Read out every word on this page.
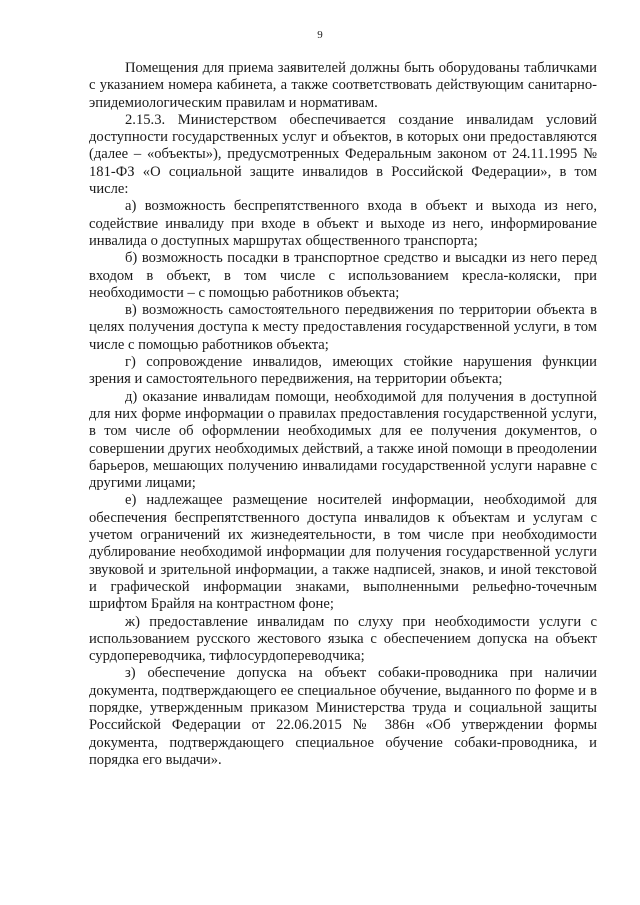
9

Помещения для приема заявителей должны быть оборудованы табличками с указанием номера кабинета, а также соответствовать действующим санитарно-эпидемиологическим правилам и нормативам.

2.15.3. Министерством обеспечивается создание инвалидам условий доступности государственных услуг и объектов, в которых они предоставляются (далее – «объекты»), предусмотренных Федеральным законом от 24.11.1995 № 181-ФЗ «О социальной защите инвалидов в Российской Федерации», в том числе:

а) возможность беспрепятственного входа в объект и выхода из него, содействие инвалиду при входе в объект и выходе из него, информирование инвалида о доступных маршрутах общественного транспорта;

б) возможность посадки в транспортное средство и высадки из него перед входом в объект, в том числе с использованием кресла-коляски, при необходимости – с помощью работников объекта;

в) возможность самостоятельного передвижения по территории объекта в целях получения доступа к месту предоставления государственной услуги, в том числе с помощью работников объекта;

г) сопровождение инвалидов, имеющих стойкие нарушения функции зрения и самостоятельного передвижения, на территории объекта;

д) оказание инвалидам помощи, необходимой для получения в доступной для них форме информации о правилах предоставления государственной услуги, в том числе об оформлении необходимых для ее получения документов, о совершении других необходимых действий, а также иной помощи в преодолении барьеров, мешающих получению инвалидами государственной услуги наравне с другими лицами;

е) надлежащее размещение носителей информации, необходимой для обеспечения беспрепятственного доступа инвалидов к объектам и услугам с учетом ограничений их жизнедеятельности, в том числе при необходимости дублирование необходимой информации для получения государственной услуги звуковой и зрительной информации, а также надписей, знаков, и иной текстовой и графической информации знаками, выполненными рельефно-точечным шрифтом Брайля на контрастном фоне;

ж) предоставление инвалидам по слуху при необходимости услуги с использованием русского жестового языка с обеспечением допуска на объект сурдопереводчика, тифлосурдопереводчика;

з) обеспечение допуска на объект собаки-проводника при наличии документа, подтверждающего ее специальное обучение, выданного по форме и в порядке, утвержденным приказом Министерства труда и социальной защиты Российской Федерации от 22.06.2015 № 386н «Об утверждении формы документа, подтверждающего специальное обучение собаки-проводника, и порядка его выдачи».
